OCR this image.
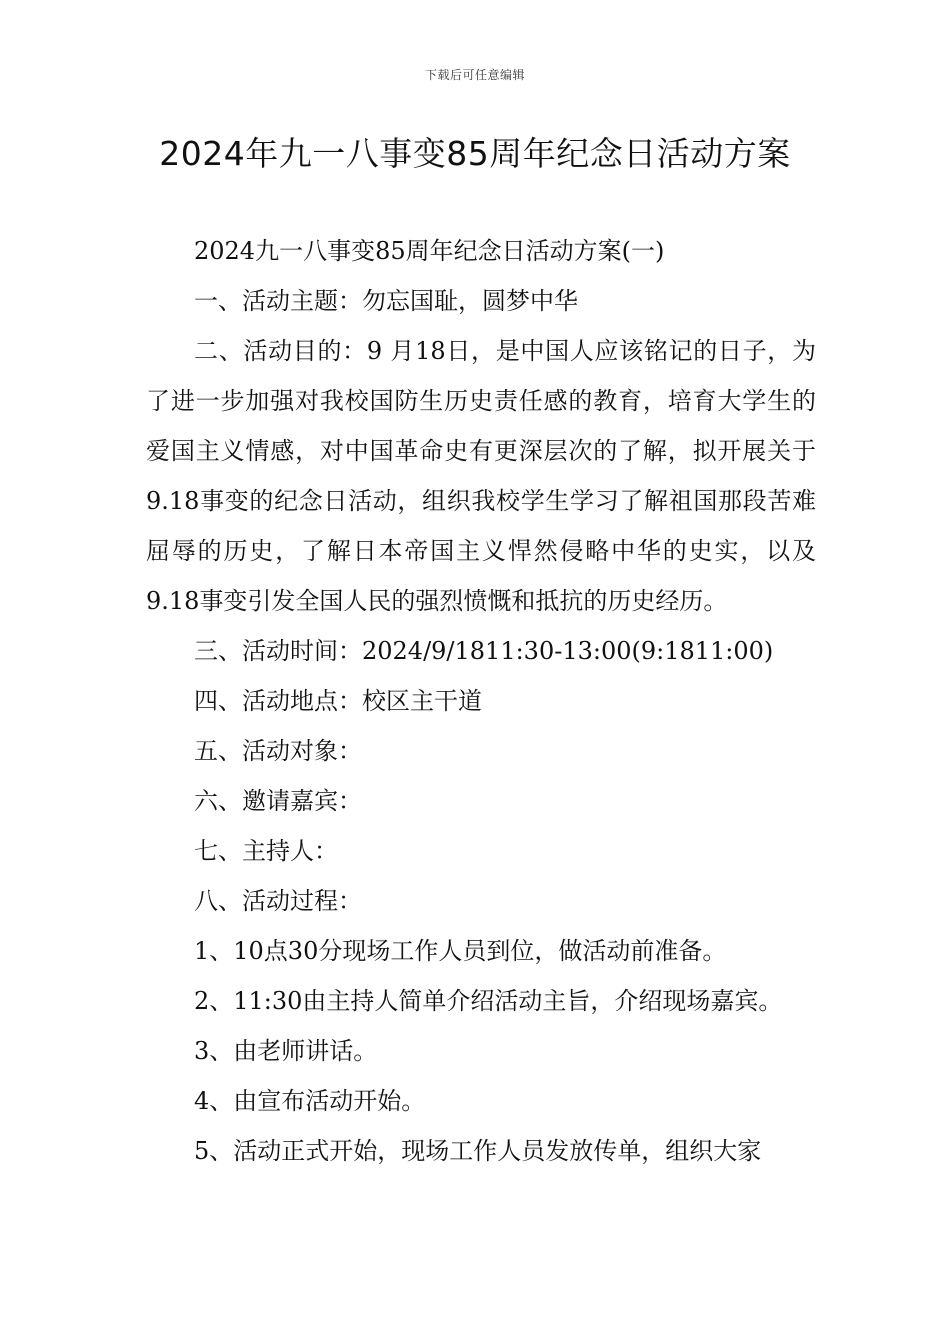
下载后可任意编辑
2024年九一八事变85周年纪念日活动方案

2024九一八事变85周年纪念日活动方案(一)

一、活动主题：勿忘国耻，圆梦中华

二、活动目的：9 月18日，是中国人应该铭记的日子，为了进一步加强对我校国防生历史责任感的教育，培育大学生的爱国主义情感，对中国革命史有更深层次的了解，拟开展关于 9.18事变的纪念日活动，组织我校学生学习了解祖国那段苦难屈辱的历史，了解日本帝国主义悍然侵略中华的史实，以及9.18事变引发全国人民的强烈愤慨和抵抗的历史经历。

三、活动时间：2024/9/1811:30-13:00(9:1811:00)

四、活动地点：校区主干道

五、活动对象：

六、邀请嘉宾：

七、主持人：

八、活动过程：

1、10点30分现场工作人员到位，做活动前准备。

2、11:30由主持人简单介绍活动主旨，介绍现场嘉宾。

3、由老师讲话。

4、由宣布活动开始。

5、活动正式开始，现场工作人员发放传单，组织大家
